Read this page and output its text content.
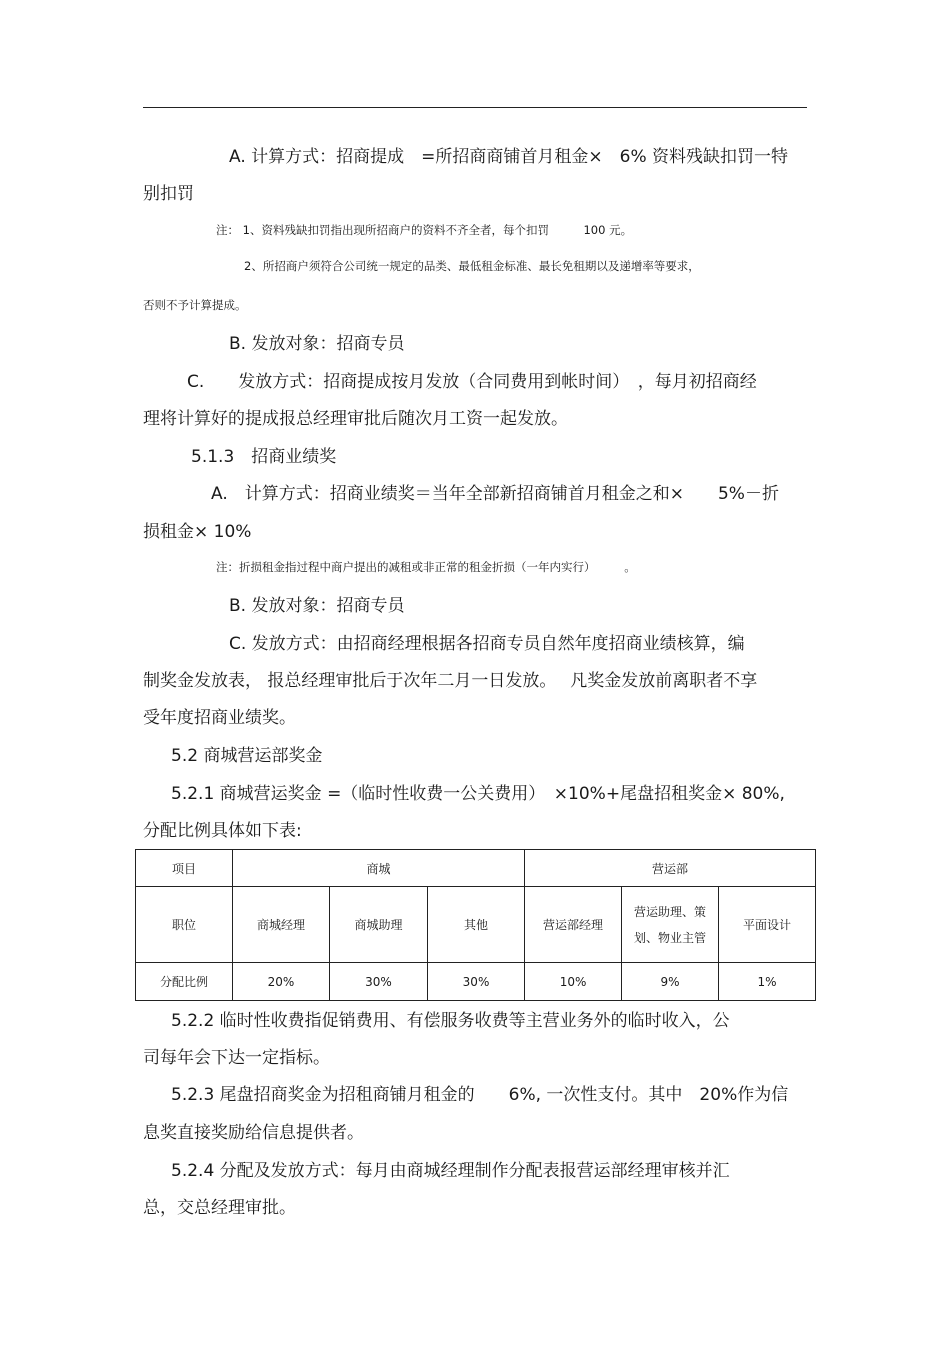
A. 计算方式：招商提成　=所招商商铺首月租金×　6% 资料残缺扣罚一特
别扣罚
注： 1、资料残缺扣罚指出现所招商户的资料不齐全者，每个扣罚　　　100 元。
2、所招商户须符合公司统一规定的品类、最低租金标准、最长免租期以及递增率等要求，
否则不予计算提成。
B. 发放对象：招商专员
C.　　发放方式：招商提成按月发放（合同费用到帐时间）　，每月初招商经
理将计算好的提成报总经理审批后随次月工资一起发放。
5.1.3　招商业绩奖
A.　计算方式：招商业绩奖＝当年全部新招商铺首月租金之和×　　5%－折
损租金× 10%
注：折损租金指过程中商户提出的减租或非正常的租金折损（一年内实行）　　　。
B. 发放对象：招商专员
C. 发放方式：由招商经理根据各招商专员自然年度招商业绩核算，编
制奖金发放表， 报总经理审批后于次年二月一日发放。　 凡奖金发放前离职者不享
受年度招商业绩奖。
5.2 商城营运部奖金
5.2.1 商城营运奖金 =（临时性收费一公关费用）　×10%+尾盘招租奖金× 80%,
分配比例具体如下表:
项目	商城			营运部		
职位	商城经理	商城助理	其他	营运部经理	营运助理、策划、物业主管	平面设计
分配比例	20%	30%	30%	10%	9%	1%
5.2.2 临时性收费指促销费用、有偿服务收费等主营业务外的临时收入，公
司每年会下达一定指标。
5.2.3 尾盘招商奖金为招租商铺月租金的　　6%, 一次性支付。其中　20%作为信
息奖直接奖励给信息提供者。
5.2.4 分配及发放方式：每月由商城经理制作分配表报营运部经理审核并汇
总，交总经理审批。
